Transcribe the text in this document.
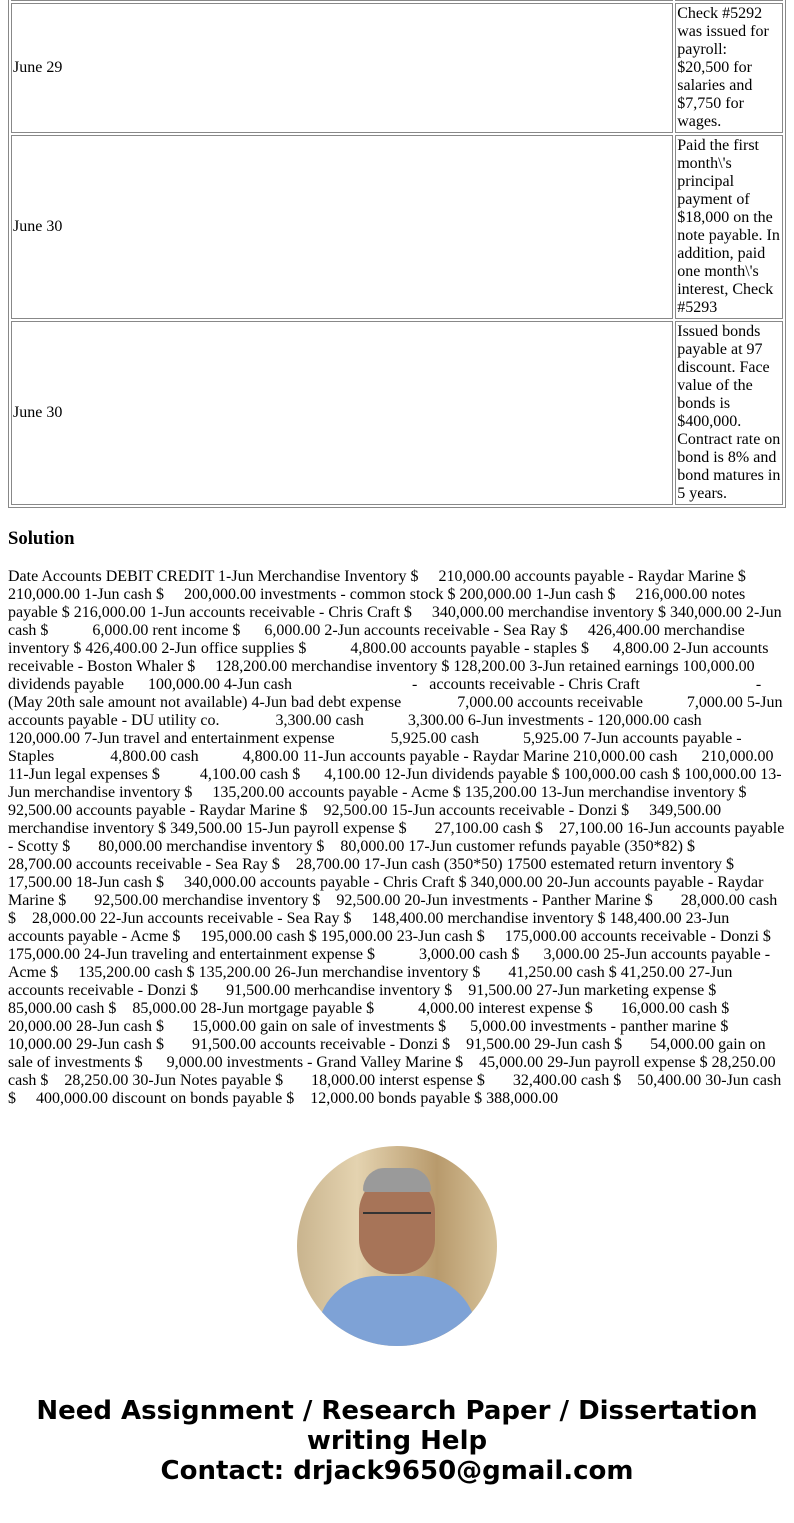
June 29	Check #5292 was issued for payroll: $20,500 for salaries and $7,750 for wages.
June 30	Paid the first month\'s principal payment of $18,000 on the note payable. In addition, paid one month\'s interest, Check #5293
June 30	Issued bonds payable at 97 discount. Face value of the bonds is $400,000. Contract rate on bond is 8% and bond matures in 5 years.
Solution

Date Accounts DEBIT CREDIT 1-Jun Merchandise Inventory $     210,000.00 accounts payable - Raydar Marine $ 210,000.00 1-Jun cash $     200,000.00 investments - common stock $ 200,000.00 1-Jun cash $     216,000.00 notes payable $ 216,000.00 1-Jun accounts receivable - Chris Craft $     340,000.00 merchandise inventory $ 340,000.00 2-Jun cash $           6,000.00 rent income $      6,000.00 2-Jun accounts receivable - Sea Ray $     426,400.00 merchandise inventory $ 426,400.00 2-Jun office supplies $           4,800.00 accounts payable - staples $      4,800.00 2-Jun accounts receivable - Boston Whaler $     128,200.00 merchandise inventory $ 128,200.00 3-Jun retained earnings 100,000.00 dividends payable      100,000.00 4-Jun cash                              -   accounts receivable - Chris Craft                             -   (May 20th sale amount not available) 4-Jun bad debt expense              7,000.00 accounts receivable           7,000.00 5-Jun accounts payable - DU utility co.              3,300.00 cash           3,300.00 6-Jun investments - 120,000.00 cash      120,000.00 7-Jun travel and entertainment expense              5,925.00 cash           5,925.00 7-Jun accounts payable - Staples              4,800.00 cash           4,800.00 11-Jun accounts payable - Raydar Marine 210,000.00 cash      210,000.00 11-Jun legal expenses $          4,100.00 cash $      4,100.00 12-Jun dividends payable $ 100,000.00 cash $ 100,000.00 13-Jun merchandise inventory $     135,200.00 accounts payable - Acme $ 135,200.00 13-Jun merchandise inventory $       92,500.00 accounts payable - Raydar Marine $    92,500.00 15-Jun accounts receivable - Donzi $     349,500.00 merchandise inventory $ 349,500.00 15-Jun payroll expense $       27,100.00 cash $    27,100.00 16-Jun accounts payable - Scotty $       80,000.00 merchandise inventory $    80,000.00 17-Jun customer refunds payable (350*82) $       28,700.00 accounts receivable - Sea Ray $    28,700.00 17-Jun cash (350*50) 17500 estemated return inventory $    17,500.00 18-Jun cash $     340,000.00 accounts payable - Chris Craft $ 340,000.00 20-Jun accounts payable - Raydar Marine $       92,500.00 merchandise inventory $    92,500.00 20-Jun investments - Panther Marine $       28,000.00 cash $    28,000.00 22-Jun accounts receivable - Sea Ray $     148,400.00 merchandise inventory $ 148,400.00 23-Jun accounts payable - Acme $     195,000.00 cash $ 195,000.00 23-Jun cash $     175,000.00 accounts receivable - Donzi $ 175,000.00 24-Jun traveling and entertainment expense $           3,000.00 cash $      3,000.00 25-Jun accounts payable - Acme $     135,200.00 cash $ 135,200.00 26-Jun merchandise inventory $       41,250.00 cash $ 41,250.00 27-Jun accounts receivable - Donzi $       91,500.00 merhcandise inventory $    91,500.00 27-Jun marketing expense $       85,000.00 cash $    85,000.00 28-Jun mortgage payable $           4,000.00 interest expense $       16,000.00 cash $    20,000.00 28-Jun cash $       15,000.00 gain on sale of investments $      5,000.00 investments - panther marine $    10,000.00 29-Jun cash $       91,500.00 accounts receivable - Donzi $    91,500.00 29-Jun cash $       54,000.00 gain on sale of investments $      9,000.00 investments - Grand Valley Marine $    45,000.00 29-Jun payroll expense $ 28,250.00 cash $    28,250.00 30-Jun Notes payable $       18,000.00 interst espense $       32,400.00 cash $    50,400.00 30-Jun cash $     400,000.00 discount on bonds payable $    12,000.00 bonds payable $ 388,000.00

Need Assignment / Research Paper / Dissertation writing Help
Contact: drjack9650@gmail.com
